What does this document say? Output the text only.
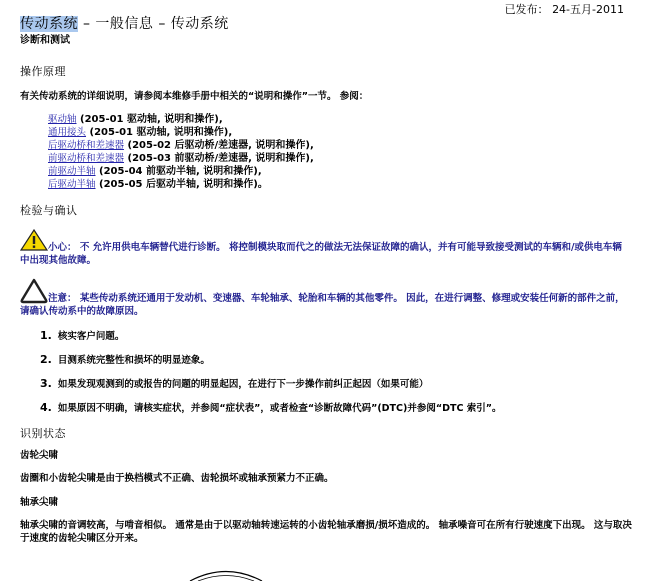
已发布： 24-五月-2011
传动系统 – 一般信息 – 传动系统
诊断和测试
操作原理
有关传动系统的详细说明，请参阅本维修手册中相关的“说明和操作”一节。 参阅：
驱动轴 (205-01 驱动轴, 说明和操作),
通用接头 (205-01 驱动轴, 说明和操作),
后驱动桥和差速器 (205-02 后驱动桥/差速器, 说明和操作),
前驱动桥和差速器 (205-03 前驱动桥/差速器, 说明和操作),
前驱动半轴 (205-04 前驱动半轴, 说明和操作),
后驱动半轴 (205-05 后驱动半轴, 说明和操作)。
检验与确认
小心： 不 允许用供电车辆替代进行诊断。 将控制模块取而代之的做法无法保证故障的确认，并有可能导致接受测试的车辆和/或供电车辆中出现其他故障。
注意： 某些传动系统还通用于发动机、变速器、车轮轴承、轮胎和车辆的其他零件。 因此，在进行调整、修理或安装任何新的部件之前，请确认传动系中的故障原因。
1. 核实客户问题。
2. 目测系统完整性和损坏的明显迹象。
3. 如果发现观测到的或报告的问题的明显起因，在进行下一步操作前纠正起因（如果可能）
4. 如果原因不明确，请核实症状，并参阅“症状表”，或者检查“诊断故障代码”(DTC)并参阅“DTC 索引”。
识别状态
齿轮尖啸
齿圈和小齿轮尖啸是由于换档模式不正确、齿轮损坏或轴承预紧力不正确。
轴承尖啸
轴承尖啸的音调较高，与啃音相似。 通常是由于以驱动轴转速运转的小齿轮轴承磨损/损坏造成的。 轴承噪音可在所有行驶速度下出现。 这与取决于速度的齿轮尖啸区分开来。
